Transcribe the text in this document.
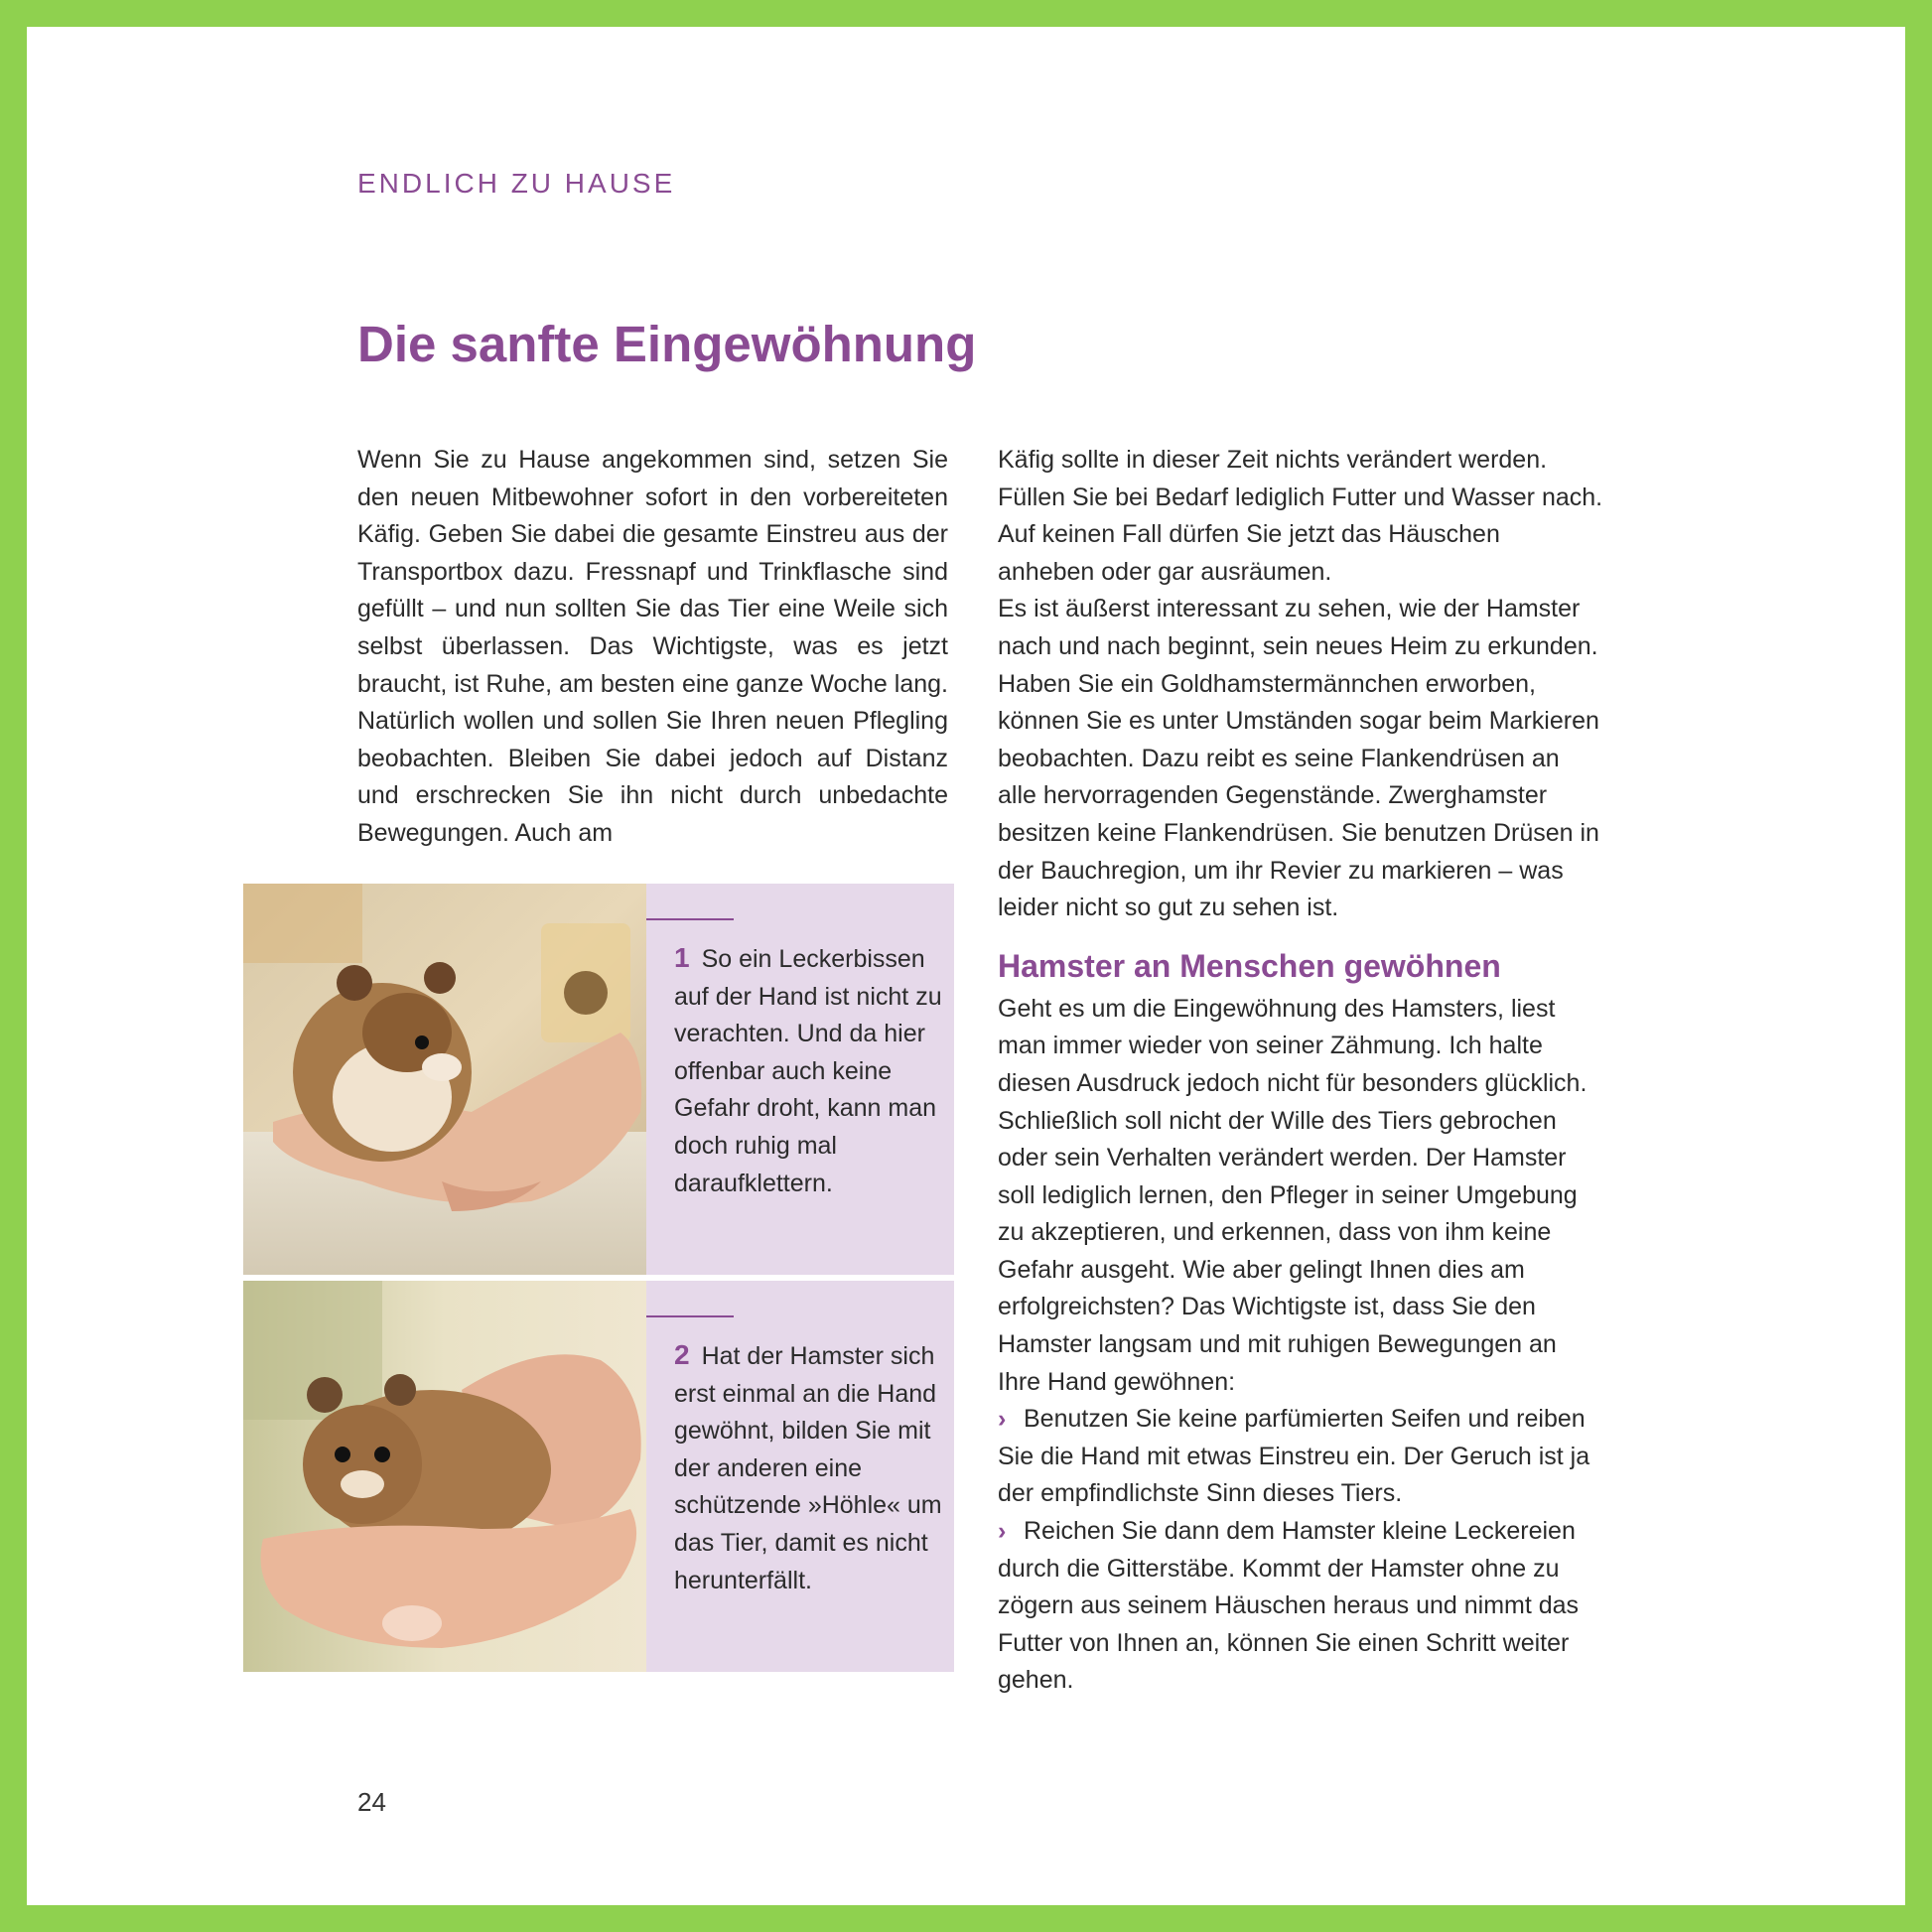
ENDLICH ZU HAUSE
Die sanfte Eingewöhnung

Wenn Sie zu Hause angekommen sind, setzen Sie den neuen Mitbewohner sofort in den vorbereiteten Käfig. Geben Sie dabei die gesamte Einstreu aus der Transportbox dazu. Fressnapf und Trinkflasche sind gefüllt – und nun sollten Sie das Tier eine Weile sich selbst überlassen. Das Wichtigste, was es jetzt braucht, ist Ruhe, am besten eine ganze Woche lang. Natürlich wollen und sollen Sie Ihren neuen Pflegling beobachten. Bleiben Sie dabei jedoch auf Distanz und erschrecken Sie ihn nicht durch unbedachte Bewegungen. Auch am

Käfig sollte in dieser Zeit nichts verändert werden. Füllen Sie bei Bedarf lediglich Futter und Wasser nach. Auf keinen Fall dürfen Sie jetzt das Häuschen anheben oder gar ausräumen.

Es ist äußerst interessant zu sehen, wie der Hamster nach und nach beginnt, sein neues Heim zu erkunden. Haben Sie ein Goldhamstermännchen erworben, können Sie es unter Umständen sogar beim Markieren beobachten. Dazu reibt es seine Flankendrüsen an alle hervorragenden Gegenstände. Zwerghamster besitzen keine Flankendrüsen. Sie benutzen Drüsen in der Bauchregion, um ihr Revier zu markieren – was leider nicht so gut zu sehen ist.

Hamster an Menschen gewöhnen

Geht es um die Eingewöhnung des Hamsters, liest man immer wieder von seiner Zähmung. Ich halte diesen Ausdruck jedoch nicht für besonders glücklich. Schließlich soll nicht der Wille des Tiers gebrochen oder sein Verhalten verändert werden. Der Hamster soll lediglich lernen, den Pfleger in seiner Umgebung zu akzeptieren, und erkennen, dass von ihm keine Gefahr ausgeht. Wie aber gelingt Ihnen dies am erfolgreichsten? Das Wichtigste ist, dass Sie den Hamster langsam und mit ruhigen Bewegungen an Ihre Hand gewöhnen:

› Benutzen Sie keine parfümierten Seifen und reiben Sie die Hand mit etwas Einstreu ein. Der Geruch ist ja der empfindlichste Sinn dieses Tiers.
› Reichen Sie dann dem Hamster kleine Leckereien durch die Gitterstäbe. Kommt der Hamster ohne zu zögern aus seinem Häuschen heraus und nimmt das Futter von Ihnen an, können Sie einen Schritt weiter gehen.
1 So ein Leckerbissen auf der Hand ist nicht zu verachten. Und da hier offenbar auch keine Gefahr droht, kann man doch ruhig mal daraufklettern.
2 Hat der Hamster sich erst einmal an die Hand gewöhnt, bilden Sie mit der anderen eine schützende »Höhle« um das Tier, damit es nicht herunterfällt.
24
